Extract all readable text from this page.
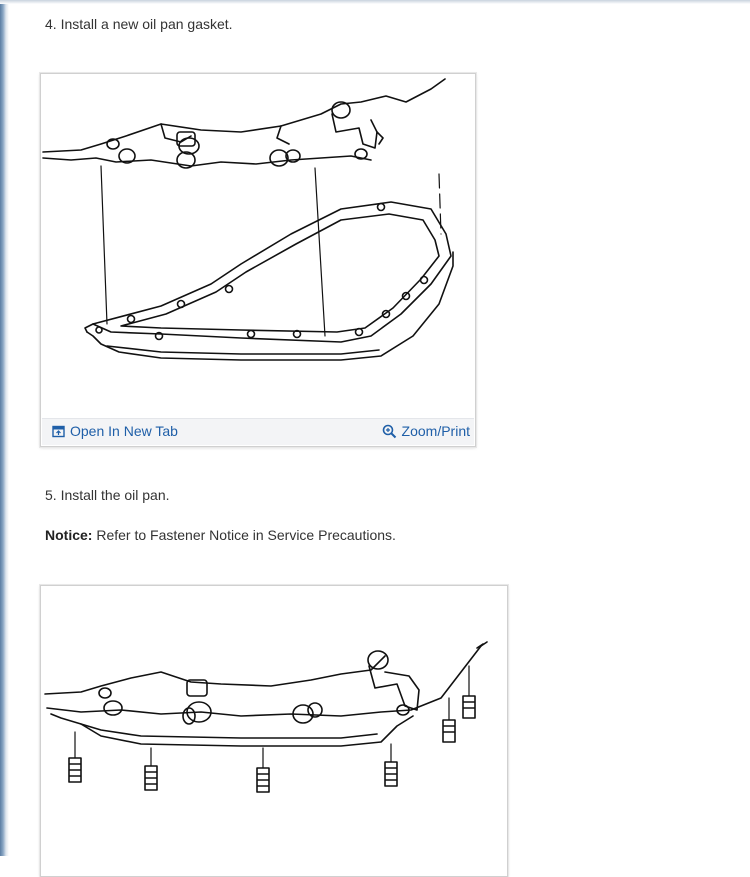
4. Install a new oil pan gasket.

Open In New Tab	Zoom/Print

5. Install the oil pan.

Notice: Refer to Fastener Notice in Service Precautions.
